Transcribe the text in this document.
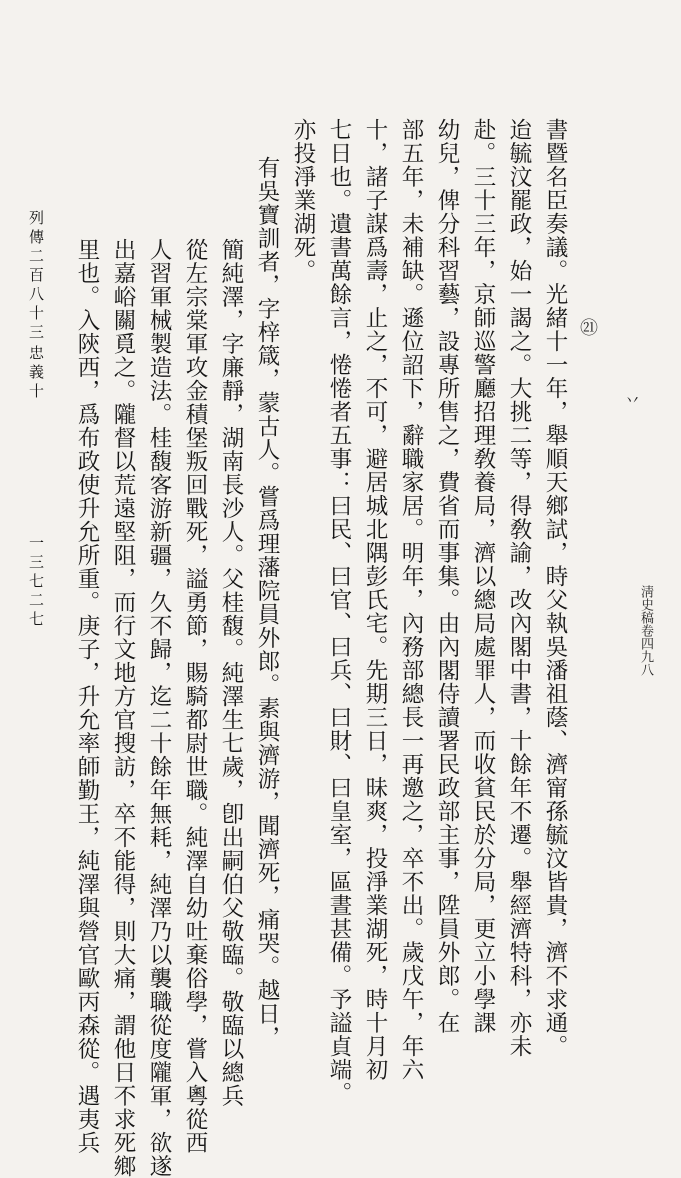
㉑
丷
淸史稿卷四九八
書暨名臣奏議。光緒十一年，舉順天鄉試，時父執吳潘祖蔭、濟甯孫毓汶皆貴，濟不求通。
迨毓汶罷政，始一謁之。大挑二等，得敎諭，改內閣中書，十餘年不遷。舉經濟特科，亦未
赴。三十三年，京師巡警廳招理敎養局，濟以總局處罪人，而收貧民於分局，更立小學課
幼兒，俾分科習藝，設專所售之，費省而事集。由內閣侍讀署民政部主事，陞員外郎。在
部五年，未補缺。遜位詔下，辭職家居。明年，內務部總長一再邀之，卒不出。歲戊午，年六
十，諸子謀爲壽，止之，不可，避居城北隅彭氏宅。先期三日，昧爽，投淨業湖死，時十月初
七日也。遺書萬餘言，惓惓者五事：曰民、曰官、曰兵、曰財、曰皇室，區晝甚備。予謚貞端。
亦投淨業湖死。
有吳寶訓者，字梓箴，蒙古人。嘗爲理藩院員外郎。素與濟游，聞濟死，痛哭。越日，
簡純澤，字廉靜，湖南長沙人。父桂馥。純澤生七歲，卽出嗣伯父敬臨。敬臨以總兵
從左宗棠軍攻金積堡叛回戰死，謚勇節，賜騎都尉世職。純澤自幼吐棄俗學，嘗入粵從西
人習軍械製造法。桂馥客游新疆，久不歸，迄二十餘年無耗，純澤乃以襲職從度隴軍，欲遂
出嘉峪關覓之。隴督以荒遠堅阻，而行文地方官搜訪，卒不能得，則大痛，謂他日不求死鄉
里也。入陝西，爲布政使升允所重。庚子，升允率師勤王，純澤與營官歐丙森從。遇夷兵
列傳二百八十三
忠義十
一三七二七
